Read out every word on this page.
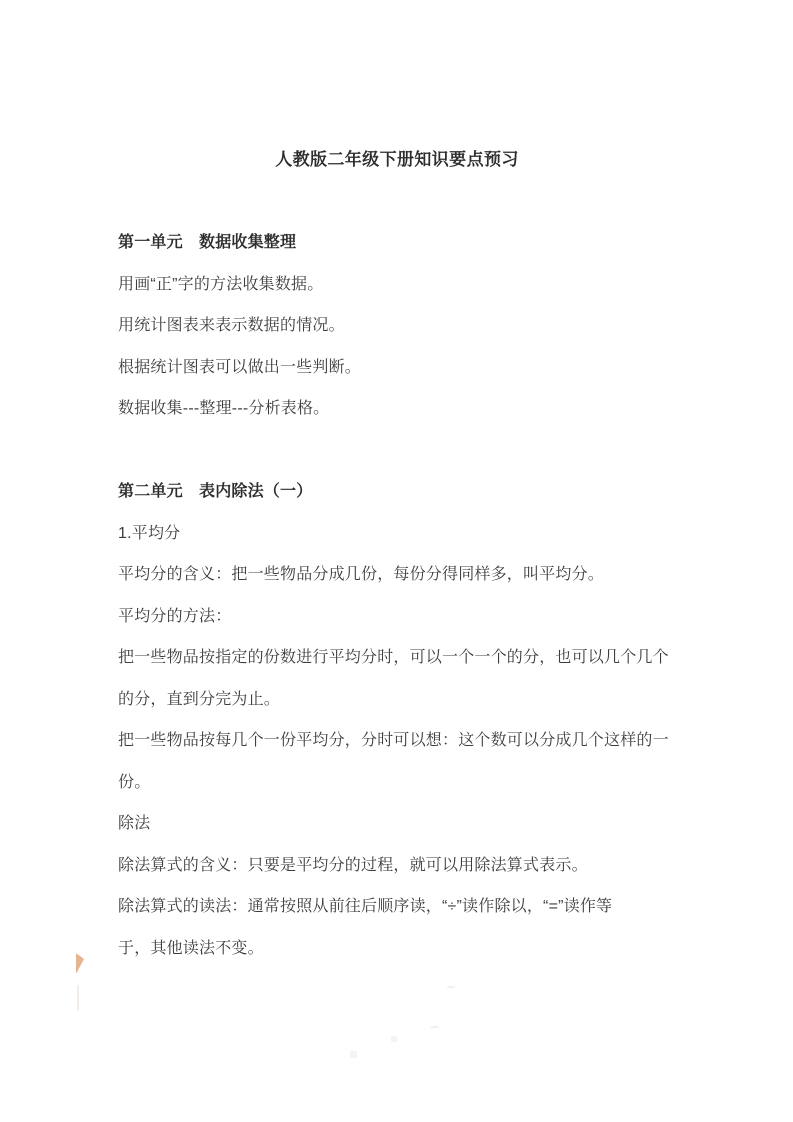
人教版二年级下册知识要点预习
第一单元　数据收集整理
用画“正”字的方法收集数据。
用统计图表来表示数据的情况。
根据统计图表可以做出一些判断。
数据收集---整理---分析表格。
第二单元　表内除法（一）
1.平均分
平均分的含义：把一些物品分成几份，每份分得同样多，叫平均分。
平均分的方法：
把一些物品按指定的份数进行平均分时，可以一个一个的分，也可以几个几个
的分，直到分完为止。
把一些物品按每几个一份平均分，分时可以想：这个数可以分成几个这样的一
份。
除法
除法算式的含义：只要是平均分的过程，就可以用除法算式表示。
除法算式的读法：通常按照从前往后顺序读，“÷”读作除以，“=”读作等
于，其他读法不变。
